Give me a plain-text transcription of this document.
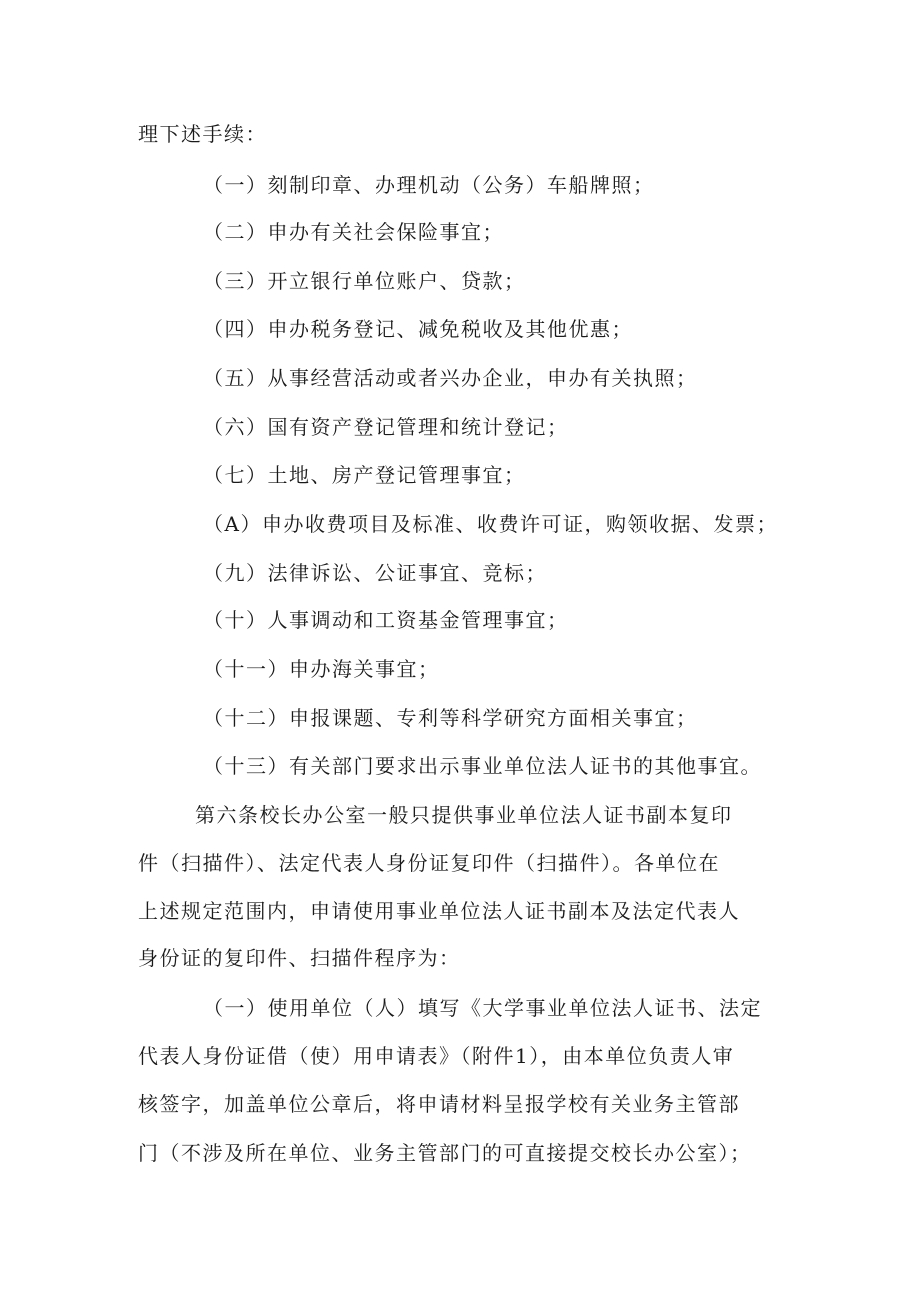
理下述手续：
（一）刻制印章、办理机动（公务）车船牌照；
（二）申办有关社会保险事宜；
（三）开立银行单位账户、贷款；
（四）申办税务登记、减免税收及其他优惠；
（五）从事经营活动或者兴办企业，申办有关执照；
（六）国有资产登记管理和统计登记；
（七）土地、房产登记管理事宜；
（A）申办收费项目及标准、收费许可证，购领收据、发票；
（九）法律诉讼、公证事宜、竞标；
（十）人事调动和工资基金管理事宜；
（十一）申办海关事宜；
（十二）申报课题、专利等科学研究方面相关事宜；
（十三）有关部门要求出示事业单位法人证书的其他事宜。
第六条校长办公室一般只提供事业单位法人证书副本复印
件（扫描件）、法定代表人身份证复印件（扫描件）。各单位在
上述规定范围内，申请使用事业单位法人证书副本及法定代表人
身份证的复印件、扫描件程序为：
（一）使用单位（人）填写《大学事业单位法人证书、法定
代表人身份证借（使）用申请表》（附件1），由本单位负责人审
核签字，加盖单位公章后，将申请材料呈报学校有关业务主管部
门（不涉及所在单位、业务主管部门的可直接提交校长办公室）；
